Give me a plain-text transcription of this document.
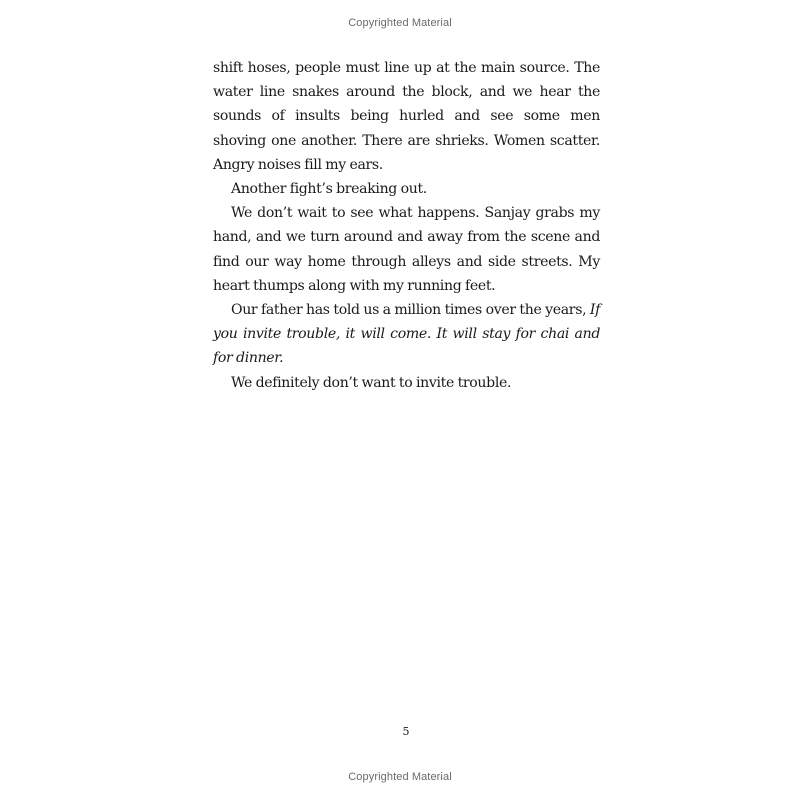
Copyrighted Material

shift hoses, people must line up at the main source. The water line snakes around the block, and we hear the sounds of insults being hurled and see some men shoving one another. There are shrieks. Women scatter. Angry noises fill my ears.

Another fight’s breaking out.

We don’t wait to see what happens. Sanjay grabs my hand, and we turn around and away from the scene and find our way home through alleys and side streets. My heart thumps along with my running feet.

Our father has told us a million times over the years, If you invite trouble, it will come. It will stay for chai and for dinner.

We definitely don’t want to invite trouble.

5
Copyrighted Material
